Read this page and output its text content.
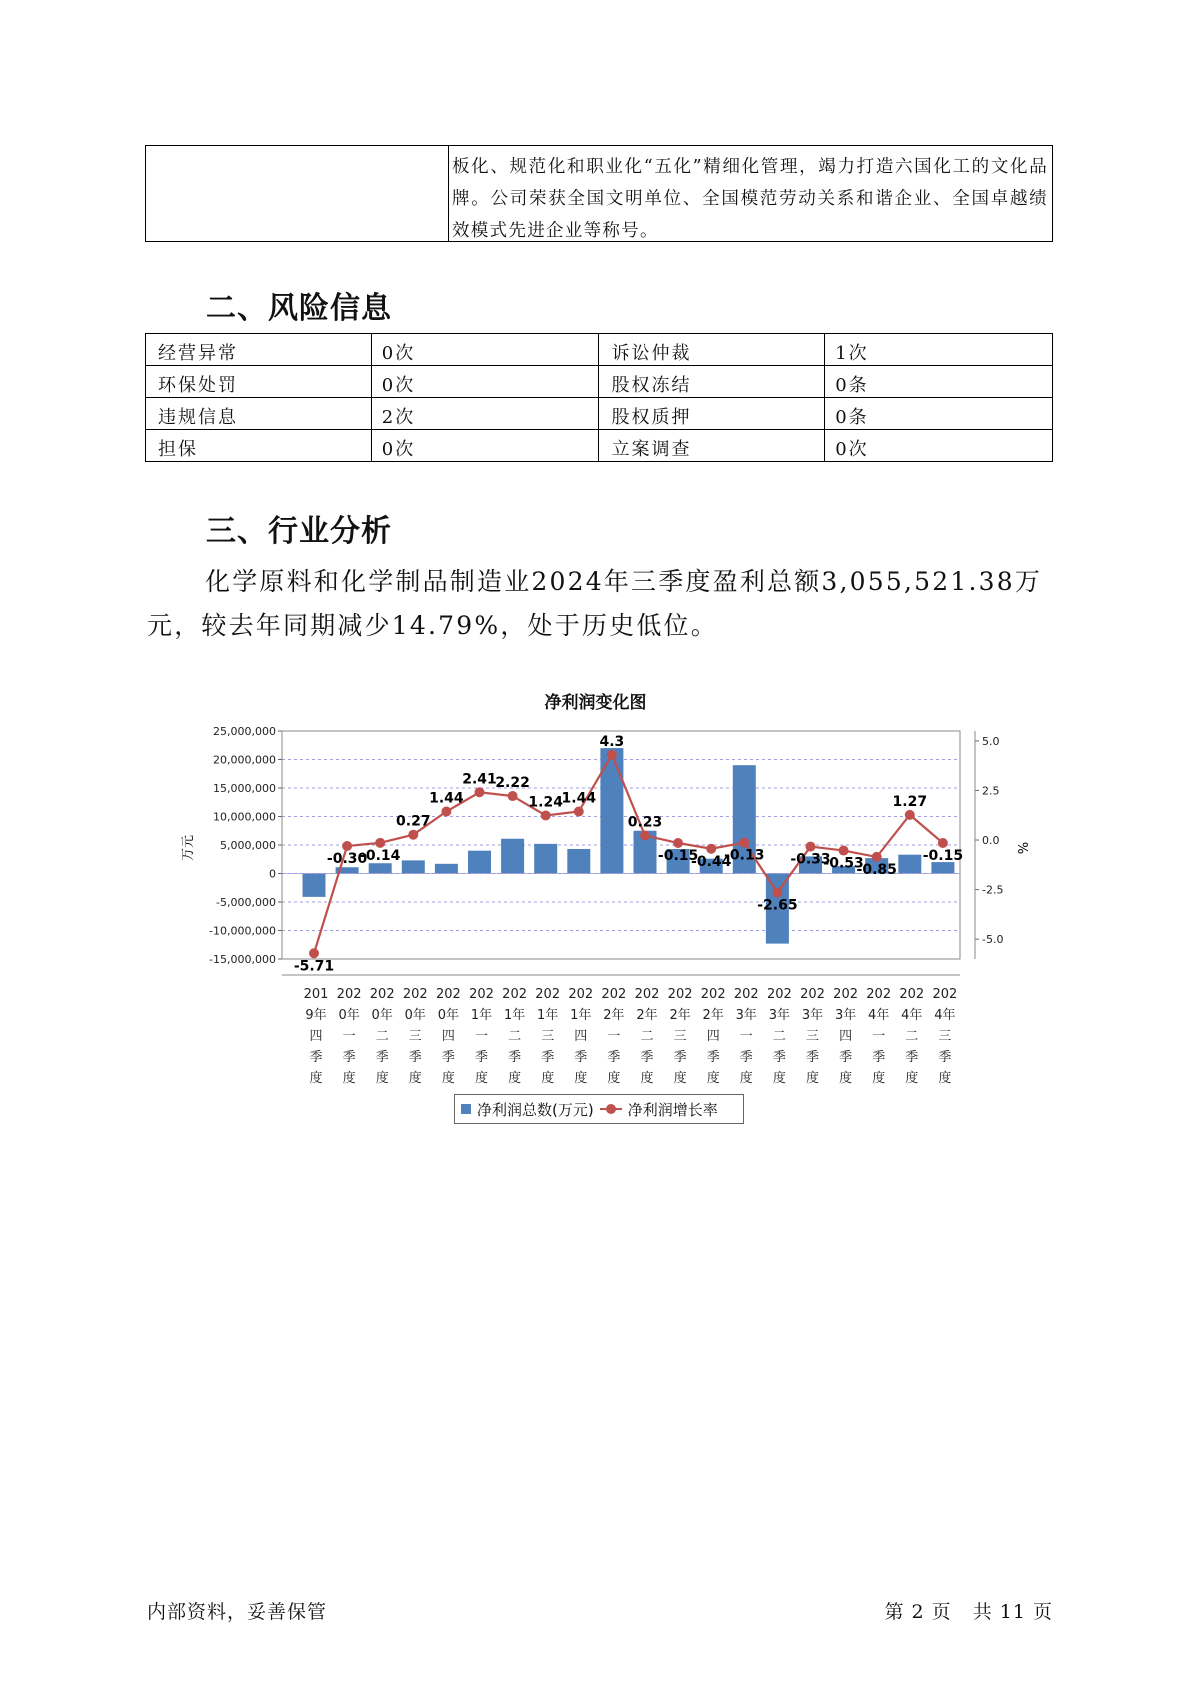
板化、规范化和职业化“五化”精细化管理，竭力打造六国化工的文化品牌。公司荣获全国文明单位、全国模范劳动关系和谐企业、全国卓越绩效模式先进企业等称号。
二、风险信息
经营异常	0次	诉讼仲裁	1次
环保处罚	0次	股权冻结	0条
违规信息	2次	股权质押	0条
担保	0次	立案调查	0次
三、行业分析
化学原料和化学制品制造业2024年三季度盈利总额3,055,521.38万元，较去年同期减少14.79%，处于历史低位。
净利润变化图
25,000,000
20,000,000
15,000,000
10,000,000
5,000,000
0
-5,000,000
-10,000,000
-15,000,000
5.0
2.5
0.0
-2.5
-5.0
-5.71
-0.30
-0.14
0.27
1.44
2.41
2.22
1.24
1.44
4.3
0.23
-0.15
-0.44
-0.13
-2.65
-0.33
-0.53
-0.85
1.27
-0.15
201
9年
四
季
度
202
0年
一
季
度
202
0年
二
季
度
202
0年
三
季
度
202
0年
四
季
度
202
1年
一
季
度
202
1年
二
季
度
202
1年
三
季
度
202
1年
四
季
度
202
2年
一
季
度
202
2年
二
季
度
202
2年
三
季
度
202
2年
四
季
度
202
3年
一
季
度
202
3年
二
季
度
202
3年
三
季
度
202
3年
四
季
度
202
4年
一
季
度
202
4年
二
季
度
202
4年
三
季
度
万元	%
净利润总数(万元) 净利润增长率
内部资料，妥善保管	第 2 页   共 11 页
